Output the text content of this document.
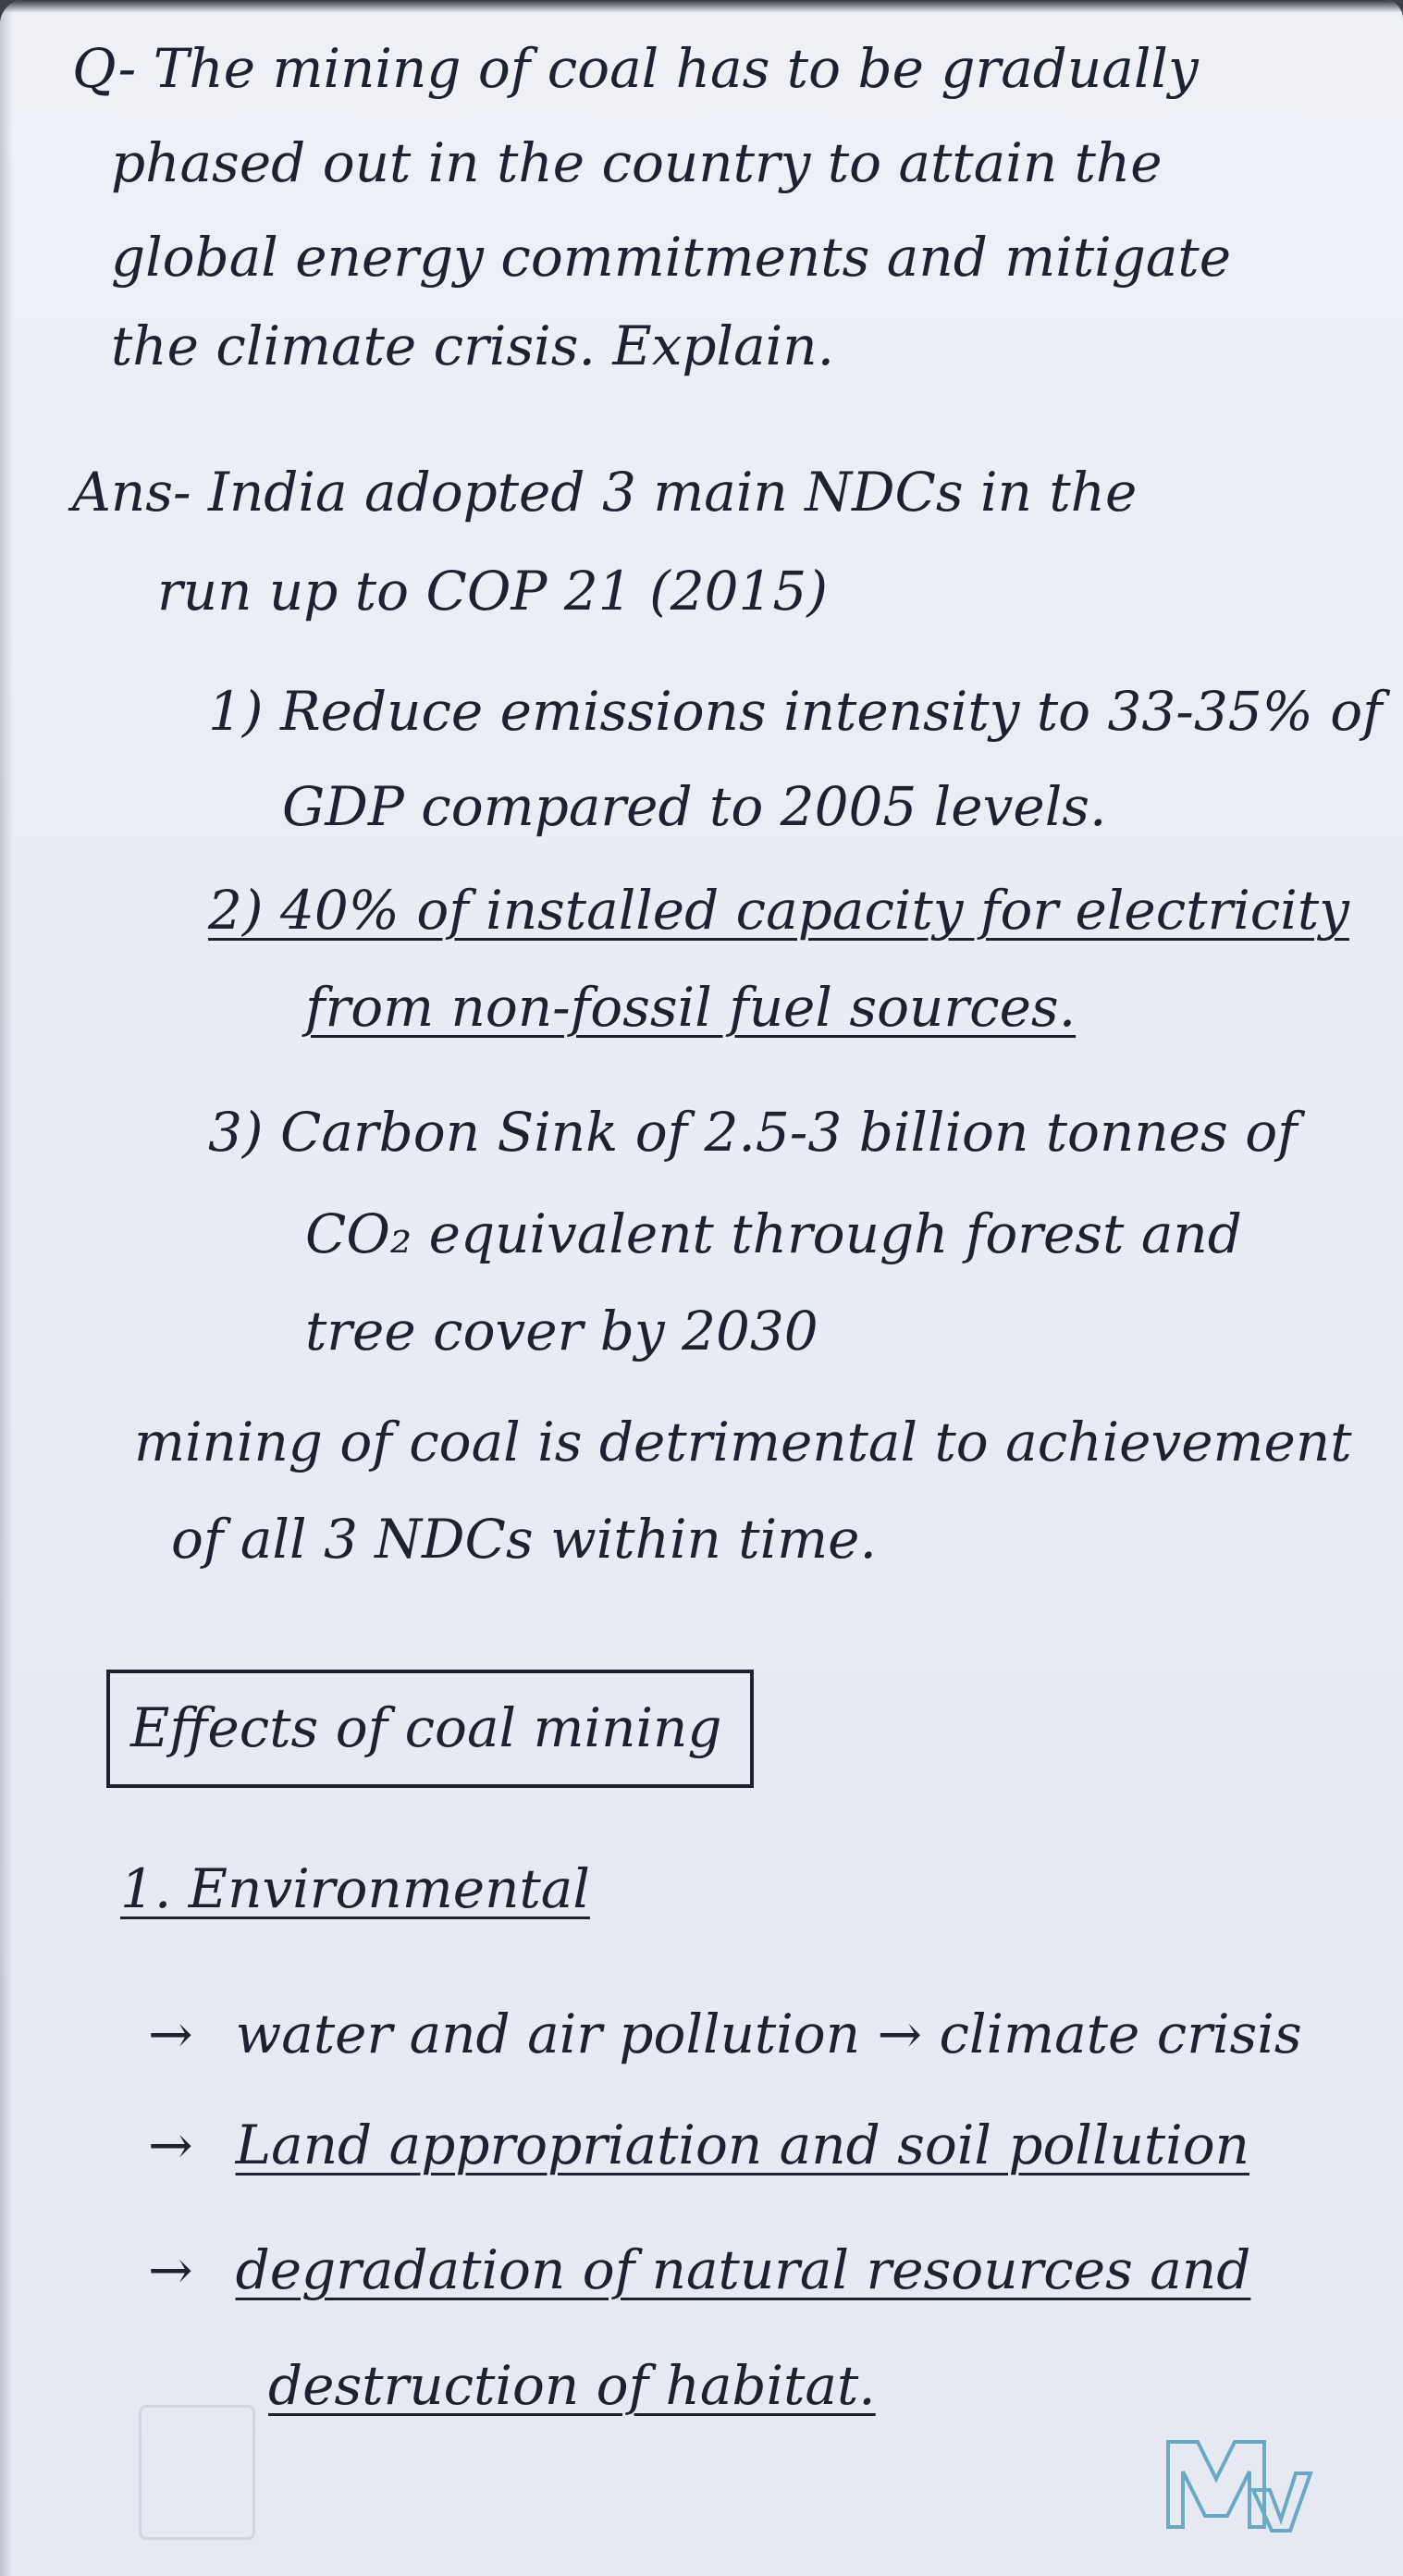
Q- The mining of coal has to be gradually
phased out in the country to attain the
global energy commitments and mitigate
the climate crisis. Explain.
Ans- India adopted 3 main NDCs in the
run up to COP 21 (2015)
1) Reduce emissions intensity to 33-35% of
GDP compared to 2005 levels.
2) 40% of installed capacity for electricity
from non-fossil fuel sources.
3) Carbon Sink of 2.5-3 billion tonnes of
CO₂ equivalent through forest and
tree cover by 2030
mining of coal is detrimental to achievement
of all 3 NDCs within time.
Effects of coal mining
1. Environmental
→ water and air pollution → climate crisis
→ Land appropriation and soil pollution
→ degradation of natural resources and
destruction of habitat.
